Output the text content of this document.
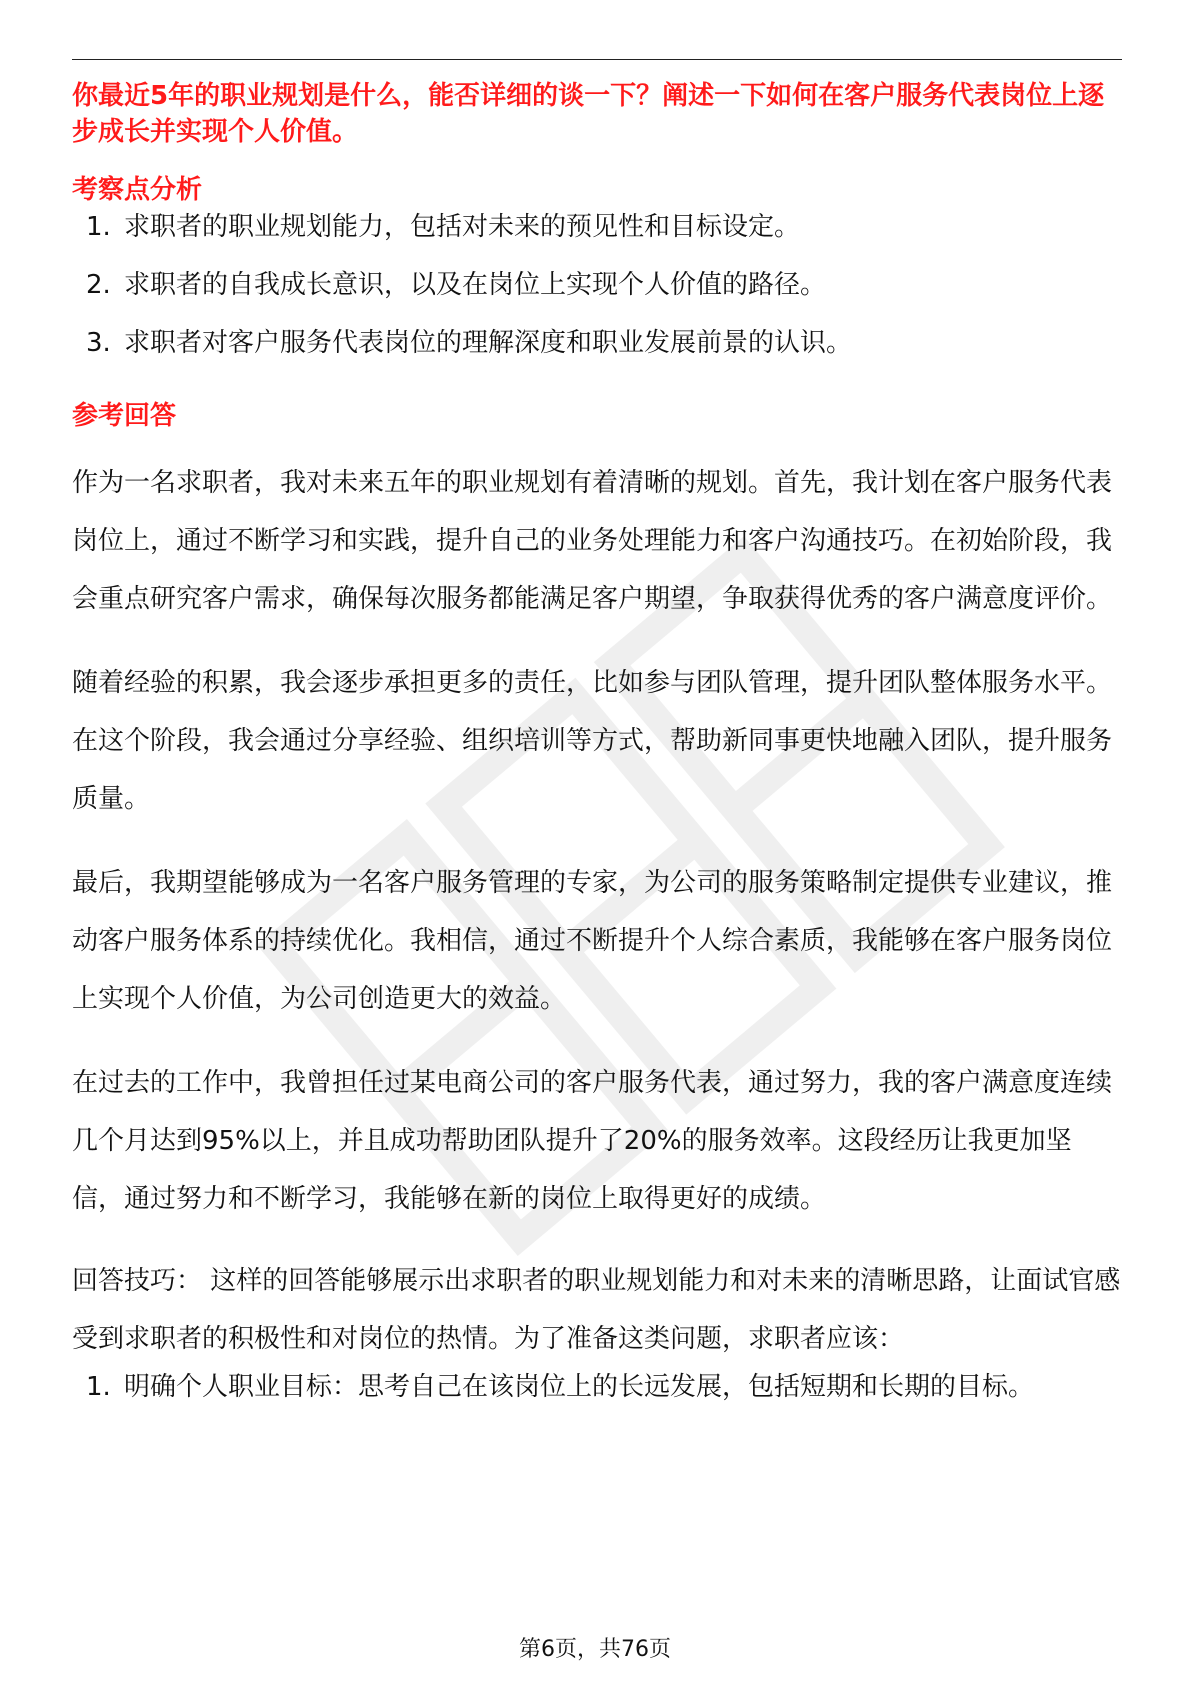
你最近5年的职业规划是什么，能否详细的谈一下？阐述一下如何在客户服务代表岗位上逐步成长并实现个人价值。

考察点分析
1. 求职者的职业规划能力，包括对未来的预见性和目标设定。
2. 求职者的自我成长意识，以及在岗位上实现个人价值的路径。
3. 求职者对客户服务代表岗位的理解深度和职业发展前景的认识。
参考回答

作为一名求职者，我对未来五年的职业规划有着清晰的规划。首先，我计划在客户服务代表岗位上，通过不断学习和实践，提升自己的业务处理能力和客户沟通技巧。在初始阶段，我会重点研究客户需求，确保每次服务都能满足客户期望，争取获得优秀的客户满意度评价。

随着经验的积累，我会逐步承担更多的责任，比如参与团队管理，提升团队整体服务水平。在这个阶段，我会通过分享经验、组织培训等方式，帮助新同事更快地融入团队，提升服务质量。

最后，我期望能够成为一名客户服务管理的专家，为公司的服务策略制定提供专业建议，推动客户服务体系的持续优化。我相信，通过不断提升个人综合素质，我能够在客户服务岗位上实现个人价值，为公司创造更大的效益。

在过去的工作中，我曾担任过某电商公司的客户服务代表，通过努力，我的客户满意度连续几个月达到95%以上，并且成功帮助团队提升了20%的服务效率。这段经历让我更加坚信，通过努力和不断学习，我能够在新的岗位上取得更好的成绩。

回答技巧： 这样的回答能够展示出求职者的职业规划能力和对未来的清晰思路，让面试官感受到求职者的积极性和对岗位的热情。为了准备这类问题，求职者应该：

1. 明确个人职业目标：思考自己在该岗位上的长远发展，包括短期和长期的目标。
第6页，共76页
